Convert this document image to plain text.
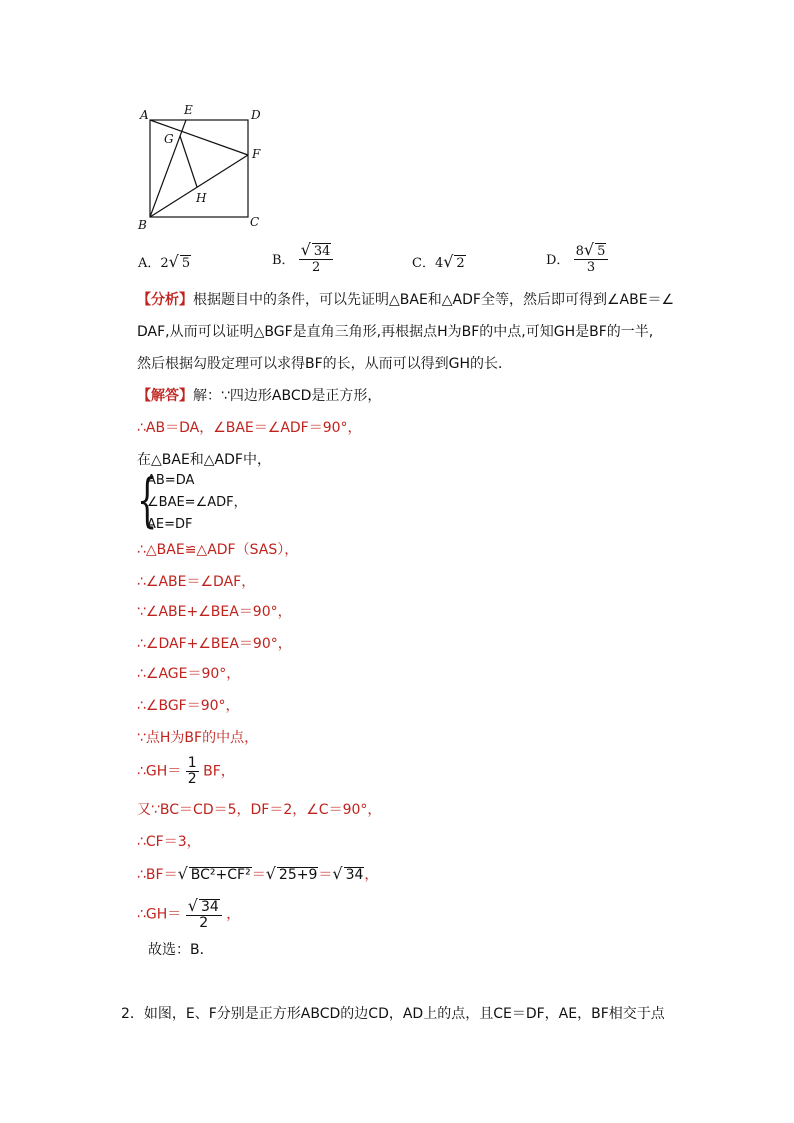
A	E	D
G
F
H
B	C
A．2√ 5	B． $\frac{√ 34}{2}$	C．4√ 2	D． $\frac{8√ 5}{3}$
【分析】根据题目中的条件，可以先证明△BAE和△ADF全等，然后即可得到∠ABE＝∠
DAF,从而可以证明△BGF是直角三角形,再根据点H为BF的中点,可知GH是BF的一半,
然后根据勾股定理可以求得BF的长，从而可以得到GH的长．
【解答】解：∵四边形ABCD是正方形，
∴AB＝DA，∠BAE＝∠ADF＝90°，
在△BAE和△ADF中，
{
AB=DA
∠BAE=∠ADF，
AE=DF
∴△BAE≌△ADF（SAS），
∴∠ABE＝∠DAF，
∵∠ABE+∠BEA＝90°，
∴∠DAF+∠BEA＝90°，
∴∠AGE＝90°，
∴∠BGF＝90°，
∵点H为BF的中点，
∴GH＝ $\frac{1}{2}$ BF，
又∵BC＝CD＝5，DF＝2，∠C＝90°，
∴CF＝3，
∴BF＝√ BC²+CF²＝√ 25+9＝√ 34，
∴GH＝ $\frac{√ 34}{2}$ ，
故选：B．
2．如图，E、F分别是正方形ABCD的边CD，AD上的点，且CE＝DF，AE，BF相交于点
